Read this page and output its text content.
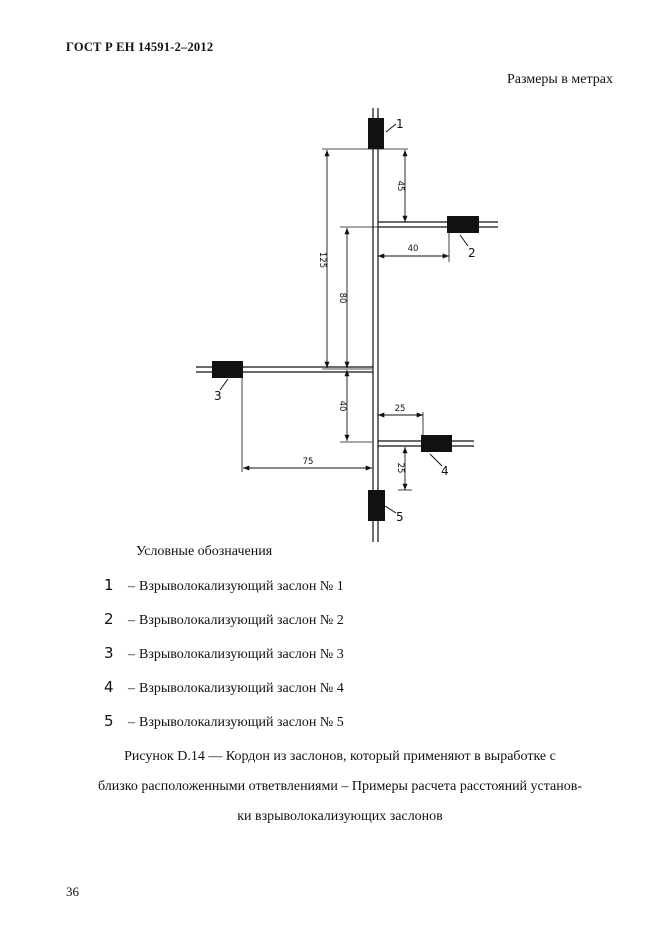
ГОСТ Р ЕН 14591-2–2012
Размеры в метрах
1
2
3
4
5
45
40
125
80
40	25
25
75
Условные обозначения
1 – Взрыволокализующий заслон № 1
2 – Взрыволокализующий заслон № 2
3 – Взрыволокализующий заслон № 3
4 – Взрыволокализующий заслон № 4
5 – Взрыволокализующий заслон № 5
Рисунок D.14 — Кордон из заслонов, который применяют в выработке с
близко расположенными ответвлениями – Примеры расчета расстояний установ-
ки взрыволокализующих заслонов
36
